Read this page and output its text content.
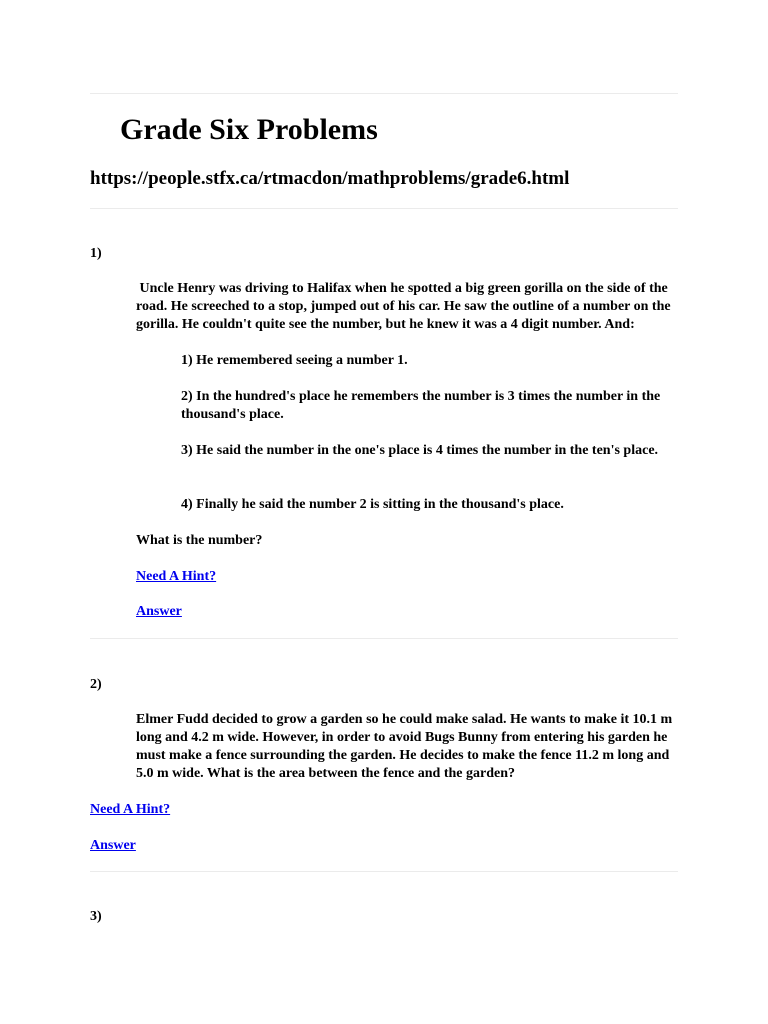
Grade Six Problems
https://people.stfx.ca/rtmacdon/mathproblems/grade6.html
1)

Uncle Henry was driving to Halifax when he spotted a big green gorilla on the side of the road. He screeched to a stop, jumped out of his car. He saw the outline of a number on the gorilla. He couldn't quite see the number, but he knew it was a 4 digit number. And:

1) He remembered seeing a number 1.

2) In the hundred's place he remembers the number is 3 times the number in the thousand's place.

3) He said the number in the one's place is 4 times the number in the ten's place.

4) Finally he said the number 2 is sitting in the thousand's place.

What is the number?

Need A Hint?
Answer
2)

Elmer Fudd decided to grow a garden so he could make salad. He wants to make it 10.1 m long and 4.2 m wide. However, in order to avoid Bugs Bunny from entering his garden he must make a fence surrounding the garden. He decides to make the fence 11.2 m long and 5.0 m wide. What is the area between the fence and the garden?

Need A Hint?
Answer
3)
